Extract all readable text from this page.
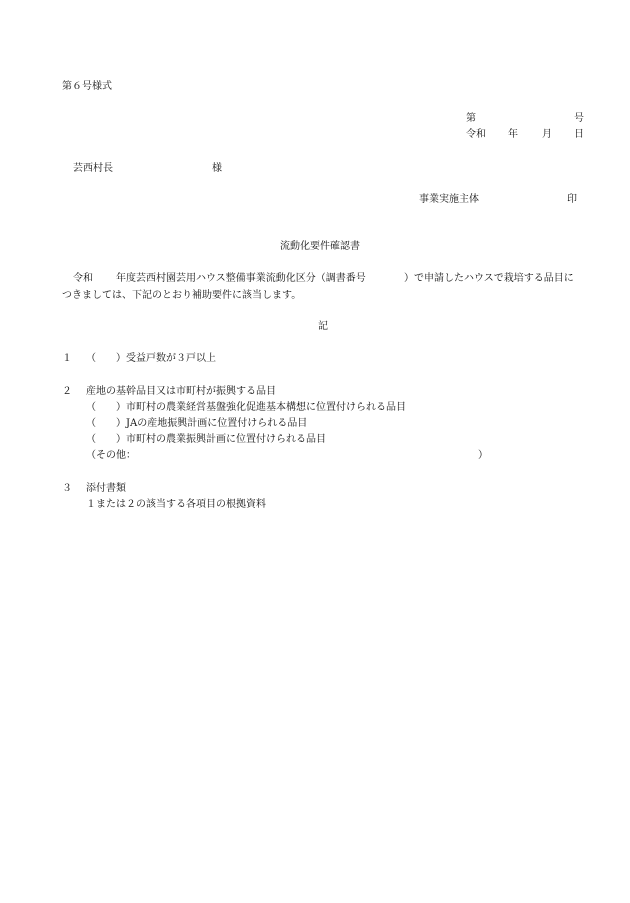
第６号様式
第	号
令和 年 月 日
芸西村長	様
事業実施主体	印
流動化要件確認書
令和 年度芸西村園芸用ハウス整備事業流動化区分（調書番号	）で申請したハウスで栽培する品目に
つきましては、下記のとおり補助要件に該当します。
記
１ （　　）受益戸数が３戸以上
２ 産地の基幹品目又は市町村が振興する品目
（　　）市町村の農業経営基盤強化促進基本構想に位置付けられる品目
（　　）JAの産地振興計画に位置付けられる品目
（　　）市町村の農業振興計画に位置付けられる品目
（その他：	）
３ 添付書類
１または２の該当する各項目の根拠資料
